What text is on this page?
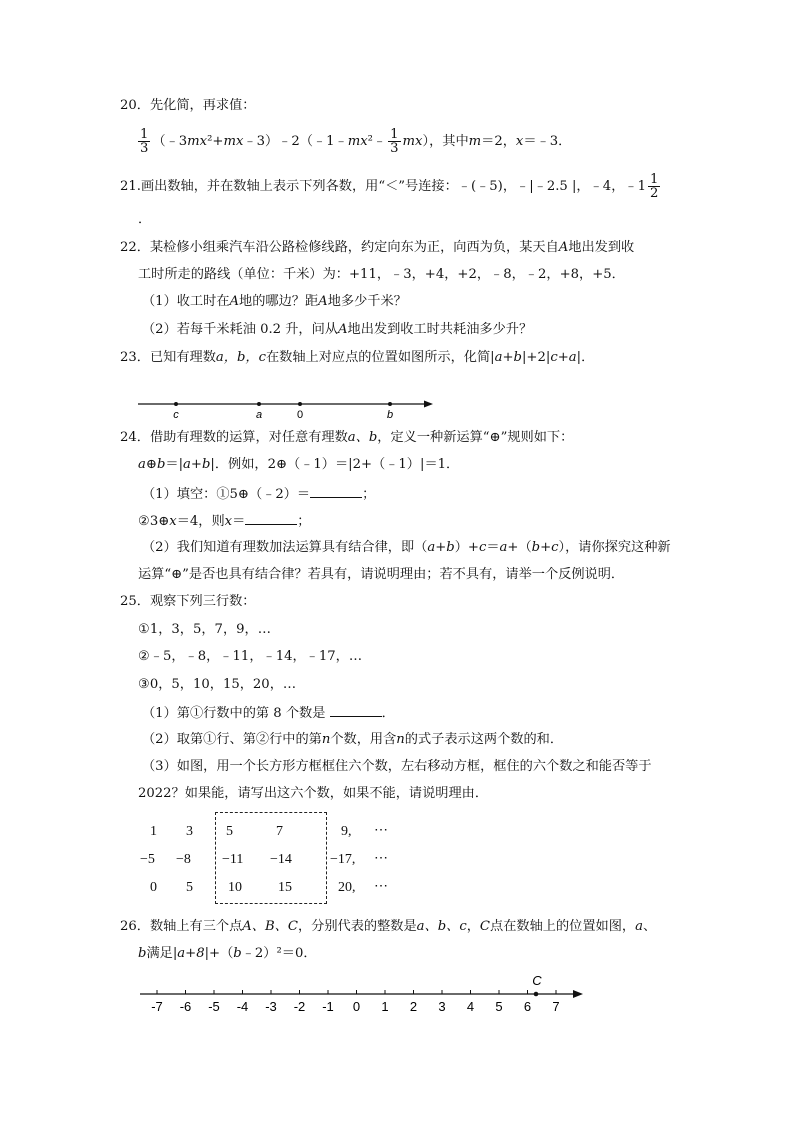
20．先化简，再求值：
$\frac{1}{3}$ （﹣3mx²+mx﹣3）﹣2（﹣1﹣mx²﹣ $\frac{1}{3} mx$），其中m＝2，x＝﹣3．
21.画出数轴，并在数轴上表示下列各数，用“＜”号连接：﹣(﹣5)，﹣|﹣2.5 |，﹣4，﹣1 $\frac{1}{2}$
．
22．某检修小组乘汽车沿公路检修线路，约定向东为正，向西为负，某天自A地出发到收
工时所走的路线（单位：千米）为：+11，﹣3，+4，+2，﹣8，﹣2，+8，+5．
（1）收工时在A地的哪边？距A地多少千米？
（2）若每千米耗油 0.2 升，问从A地出发到收工时共耗油多少升？
23．已知有理数a，b，c在数轴上对应点的位置如图所示，化简|a+b|+2|c+a|．
c	a	0	b
24．借助有理数的运算，对任意有理数a、b，定义一种新运算“⊕”规则如下：
a⊕b＝|a+b|．例如，2⊕（﹣1）＝|2+（﹣1）|＝1．
（1）填空：①5⊕（﹣2）＝	；
②3⊕x＝4，则x＝	；
（2）我们知道有理数加法运算具有结合律，即（a+b）+c＝a+（b+c），请你探究这种新
运算“⊕”是否也具有结合律？若具有，请说明理由；若不具有，请举一个反例说明．
25．观察下列三行数：
①1，3，5，7，9，…
②﹣5，﹣8，﹣11，﹣14，﹣17，…
③0，5，10，15，20，…
（1）第①行数中的第 8 个数是	．
（2）取第①行、第②行中的第n个数，用含n的式子表示这两个数的和．
（3）如图，用一个长方形方框框住六个数，左右移动方框，框住的六个数之和能否等于
2022？如果能，请写出这六个数，如果不能，请说明理由．
1 3 5	7	9, ⋯
−5 −8 −11 −14	−17, ⋯
0 5	10	15	20, ⋯
26．数轴上有三个点A、B、C，分别代表的整数是a、b、c，C点在数轴上的位置如图，a、
b满足|a+8|+（b﹣2）²＝0．
-7 -6 -5 -4 -3 -2 -1 0 1 2 3 4 5 6 7
C
